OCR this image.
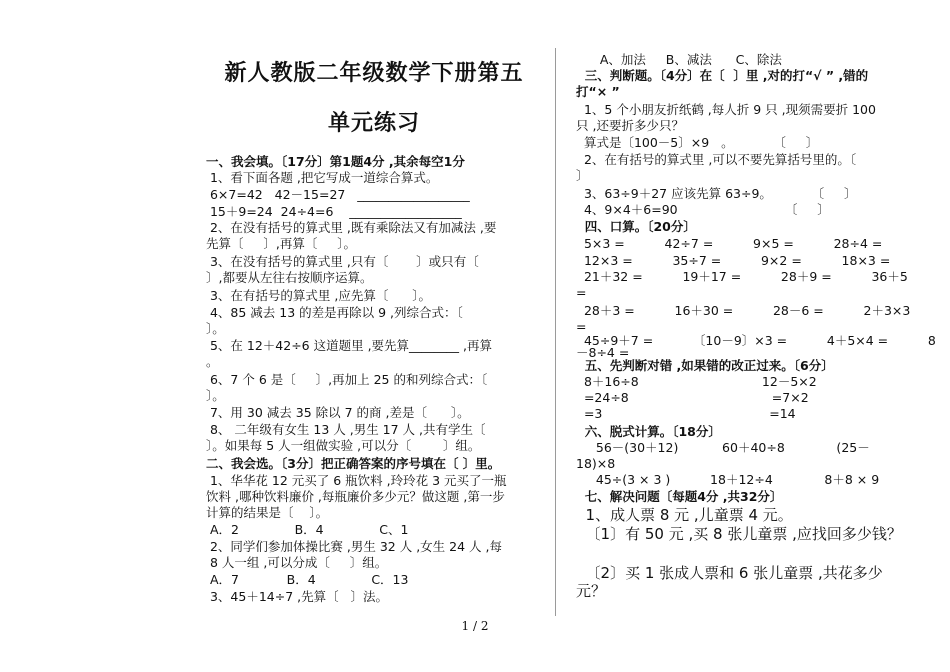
新人教版二年级数学下册第五
单元练习
一、我会填。〔17分〕第1题4分 ,其余每空1分
1、看下面各题 ,把它写成一道综合算式。
6×7=42   42－15=27   __________________
15＋9=24  24÷4=6    __________________
2、在没有括号的算式里 ,既有乘除法又有加减法 ,要
先算〔     〕,再算〔     〕。
3、在没有括号的算式里 ,只有〔       〕或只有〔
〕,都要从左往右按顺序运算。
3、在有括号的算式里 ,应先算〔      〕。
4、85 减去 13 的差是再除以 9 ,列综合式：〔
〕。
5、在 12＋42÷6 这道题里 ,要先算________ ,再算
。
6、7 个 6 是〔     〕,再加上 25 的和列综合式：〔
〕。
7、用 30 减去 35 除以 7 的商 ,差是〔      〕。
8、 二年级有女生 13 人 ,男生 17 人 ,共有学生〔
〕。如果每 5 人一组做实验 ,可以分〔        〕组。
二、我会选。〔3分〕把正确答案的序号填在〔 〕里。
1、华华花 12 元买了 6 瓶饮料 ,玲玲花 3 元买了一瓶
饮料 ,哪种饮料廉价 ,每瓶廉价多少元？做这题 ,第一步
计算的结果是〔    〕。
A．2              B．4              C、1
2、同学们参加体操比赛 ,男生 32 人 ,女生 24 人 ,每
8 人一组 ,可以分成〔     〕组。
A．7            B．4              C．13
3、45＋14÷7 ,先算〔   〕法。
A、加法     B、减法      C、除法
三、判断题。〔4分〕在〔  〕里 ,对的打“√ ” ,错的
打“× ”
1、5 个小朋友折纸鹤 ,每人折 9 只 ,现须需要折 100
只 ,还要折多少只？
算式是〔100－5〕×9   。          〔     〕
2、在有括号的算式里 ,可以不要先算括号里的。〔
〕
3、63÷9＋27 应该先算 63÷9。          〔     〕
4、9×4＋6=90                           〔     〕
四、口算。〔20分〕
5×3 =          42÷7 =          9×5 =          28÷4 =
12×3 =          35÷7 =          9×2 =          18×3 =
21＋32 =          19＋17 =          28＋9 =          36＋5
=
28＋3 =          16＋30 =          28－6 =          2＋3×3
=
45÷9＋7 =          〔10－9〕×3 =          4＋5×4 =          8
－8÷4 =
五、先判断对错 ,如果错的改正过来。〔6分〕
8＋16÷8                               12－5×2
=24÷8                                    =7×2
=3                                          =14
六、脱式计算。〔18分〕
56－(30＋12)           60＋40÷8             (25－
18)×8
45÷(3 × 3 )          18＋12÷4             8＋8 × 9
七、解决问题〔每题4分 ,共32分〕
1、成人票 8 元 ,儿童票 4 元。
〔1〕有 50 元 ,买 8 张儿童票 ,应找回多少钱？
〔2〕买 1 张成人票和 6 张儿童票 ,共花多少
元？
1 / 2
